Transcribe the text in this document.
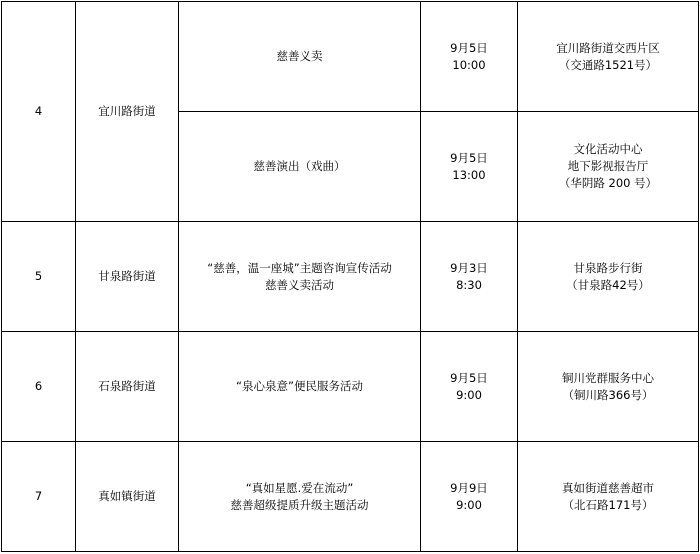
4	宜川路街道	慈善义卖	9月5日
10:00	宜川路街道交西片区
（交通路1521号）

		慈善演出（戏曲）	9月5日
13:00	文化活动中心
地下影视报告厅
（华阴路 200 号）

5	甘泉路街道	“慈善，温一座城”主题咨询宣传活动
慈善义卖活动	9月3日
8:30	甘泉路步行街
（甘泉路42号）

6	石泉路街道	“泉心泉意”便民服务活动	9月5日
9:00	铜川党群服务中心
（铜川路366号）

7	真如镇街道	“真如星愿.爱在流动”
慈善超级提质升级主题活动	9月9日
9:00	真如街道慈善超市
（北石路171号）
